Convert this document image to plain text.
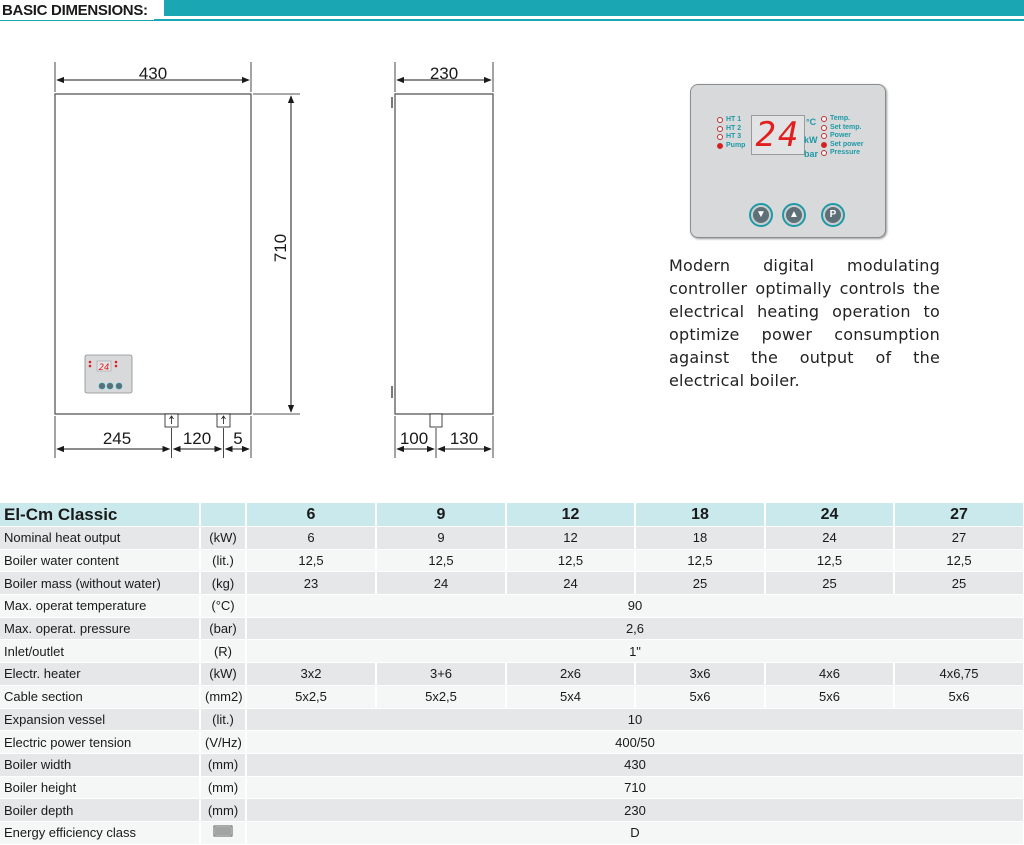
BASIC DIMENSIONS:
430
710
24
245	120 5
230
100 130
HT 1
HT 2
HT 3
Pump 24 °C
kW
bar
Temp.
Set temp.
Power
Set power
Pressure
▼	▲	P
Modern digital modulating controller optimally controls the electrical heating operation to optimize power consumption against the output of the electrical boiler.
El-Cm Classic		6	9	12	18	24	27
Nominal heat output	(kW)	6	9	12	18	24	27
Boiler water content	(lit.)	12,5	12,5	12,5	12,5	12,5	12,5
Boiler mass (without water)	(kg)	23	24	24	25	25	25
Max. operat temperature	(°C)	90					
Max. operat. pressure	(bar)	2,6					
Inlet/outlet	(R)	1"					
Electr. heater	(kW)	3x2	3+6	2x6	3x6	4x6	4x6,75
Cable section	(mm2)	5x2,5	5x2,5	5x4	5x6	5x6	5x6
Expansion vessel	(lit.)	10					
Electric power tension	(V/Hz)	400/50					
Boiler width	(mm)	430					
Boiler height	(mm)	710					
Boiler depth	(mm)	230					
Energy efficiency class		D					
